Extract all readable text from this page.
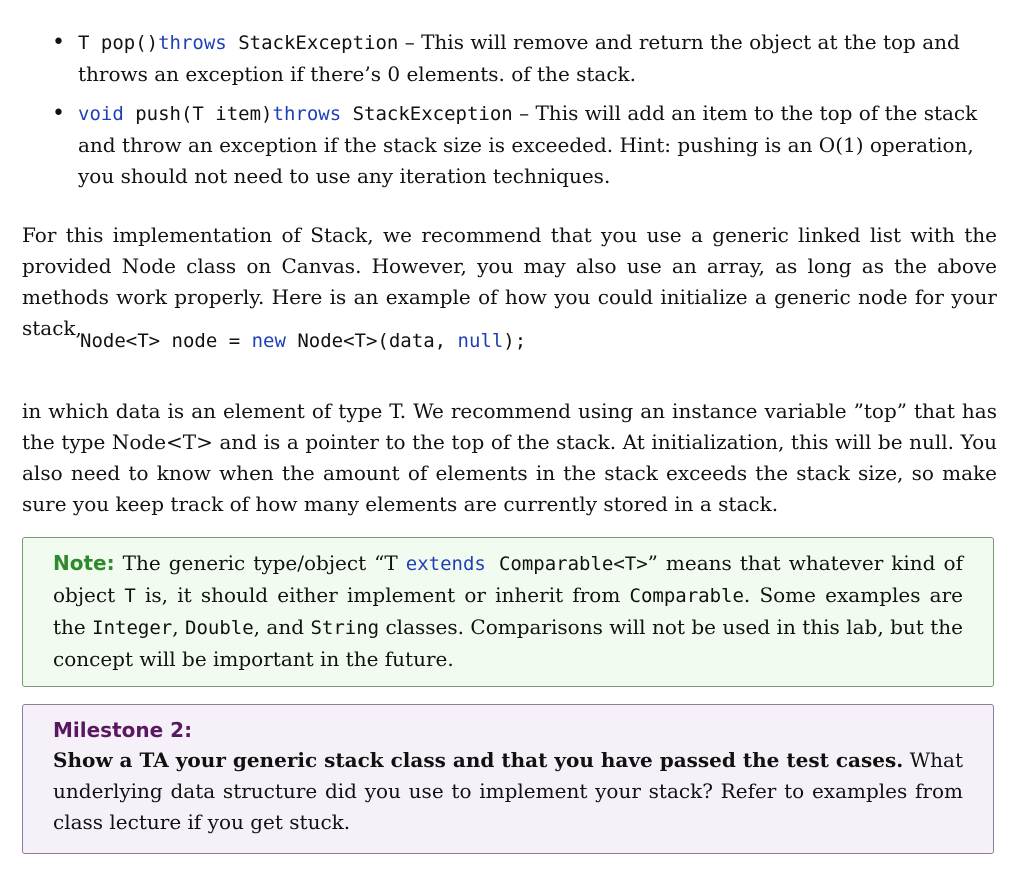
• T pop()throws StackException – This will remove and return the object at the top and throws an exception if there’s 0 elements. of the stack.
• void push(T item)throws StackException – This will add an item to the top of the stack and throw an exception if the stack size is exceeded. Hint: pushing is an O(1) operation, you should not need to use any iteration techniques.

For this implementation of Stack, we recommend that you use a generic linked list with the provided Node class on Canvas. However, you may also use an array, as long as the above methods work properly. Here is an example of how you could initialize a generic node for your stack,

Node<T> node = new Node<T>(data, null);

in which data is an element of type T. We recommend using an instance variable ”top” that has the type Node<T> and is a pointer to the top of the stack. At initialization, this will be null. You also need to know when the amount of elements in the stack exceeds the stack size, so make sure you keep track of how many elements are currently stored in a stack.

Note: The generic type/object “T extends Comparable<T>” means that whatever kind of object T is, it should either implement or inherit from Comparable. Some examples are the Integer, Double, and String classes. Comparisons will not be used in this lab, but the concept will be important in the future.
Milestone 2:
Show a TA your generic stack class and that you have passed the test cases. What underlying data structure did you use to implement your stack? Refer to examples from class lecture if you get stuck.
